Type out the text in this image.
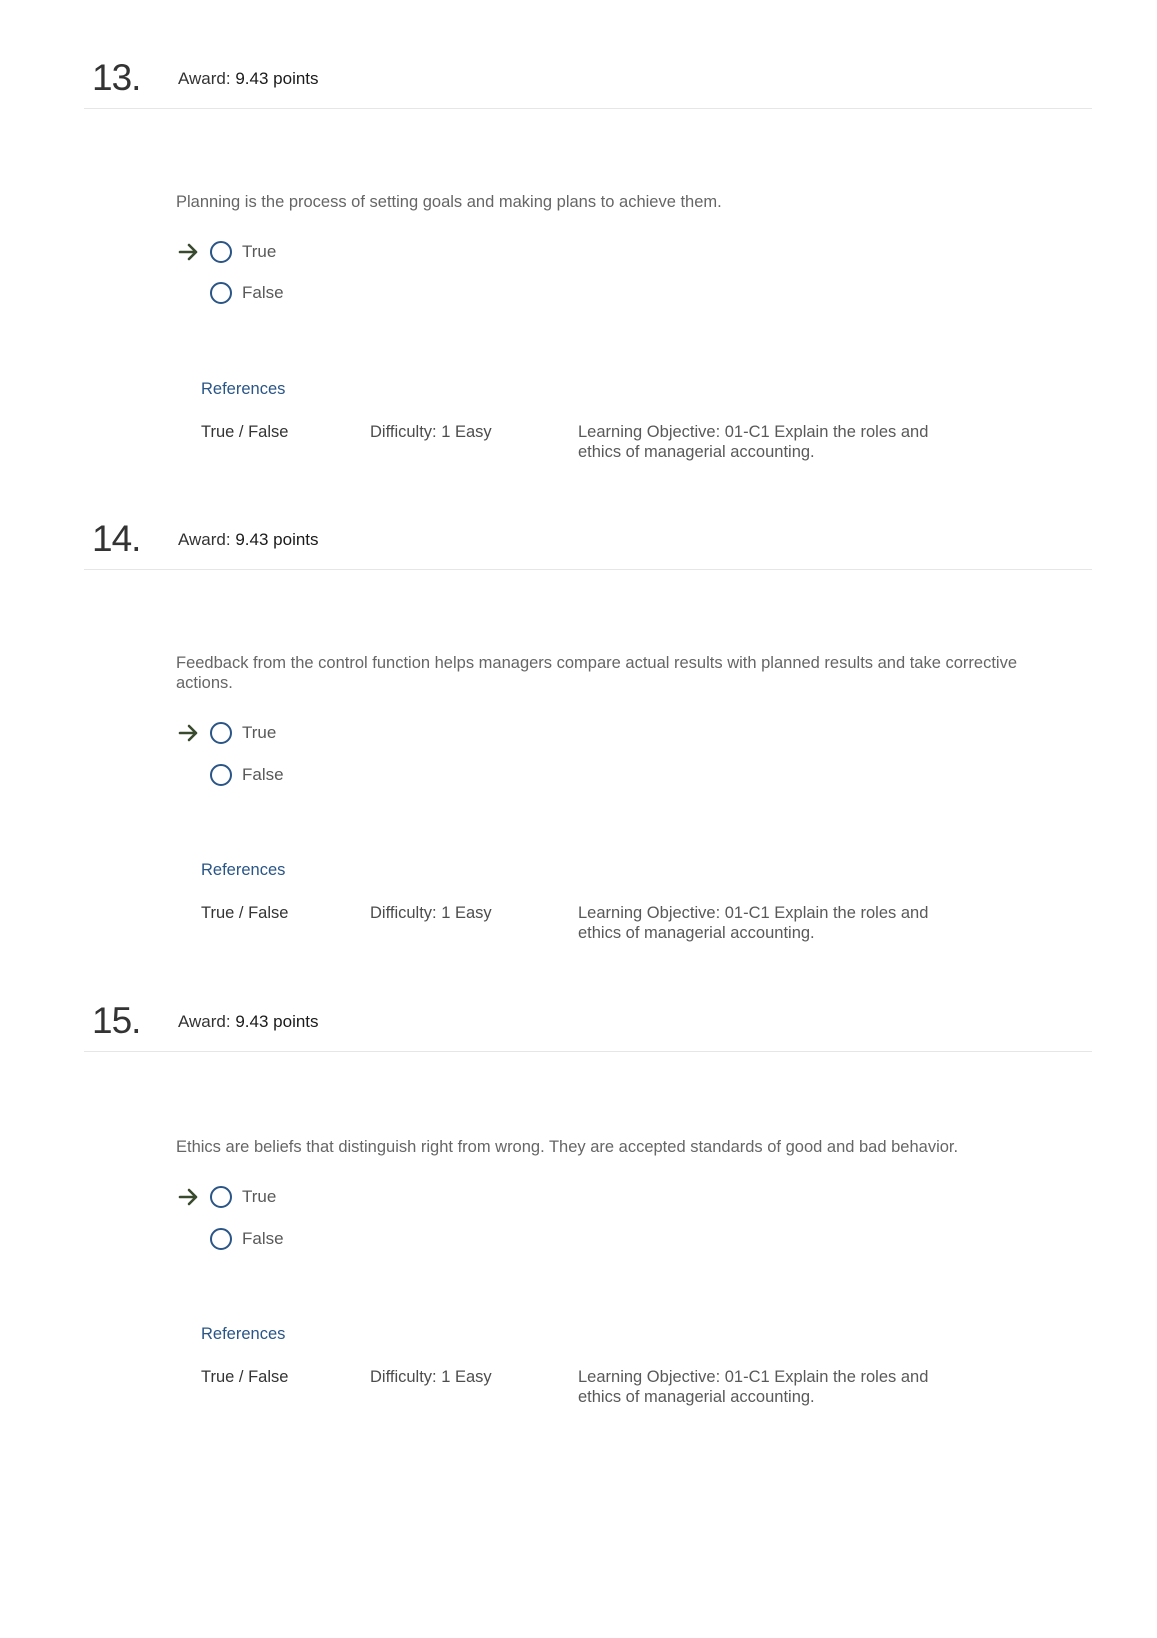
13. Award: 9.43 points
Planning is the process of setting goals and making plans to achieve them.
True
False
References
True / False	Difficulty: 1 Easy	Learning Objective: 01-C1 Explain the roles and ethics of managerial accounting.
14. Award: 9.43 points
Feedback from the control function helps managers compare actual results with planned results and take corrective actions.
True
False
References
True / False	Difficulty: 1 Easy	Learning Objective: 01-C1 Explain the roles and ethics of managerial accounting.
15. Award: 9.43 points
Ethics are beliefs that distinguish right from wrong. They are accepted standards of good and bad behavior.
True
False
References
True / False	Difficulty: 1 Easy	Learning Objective: 01-C1 Explain the roles and ethics of managerial accounting.
